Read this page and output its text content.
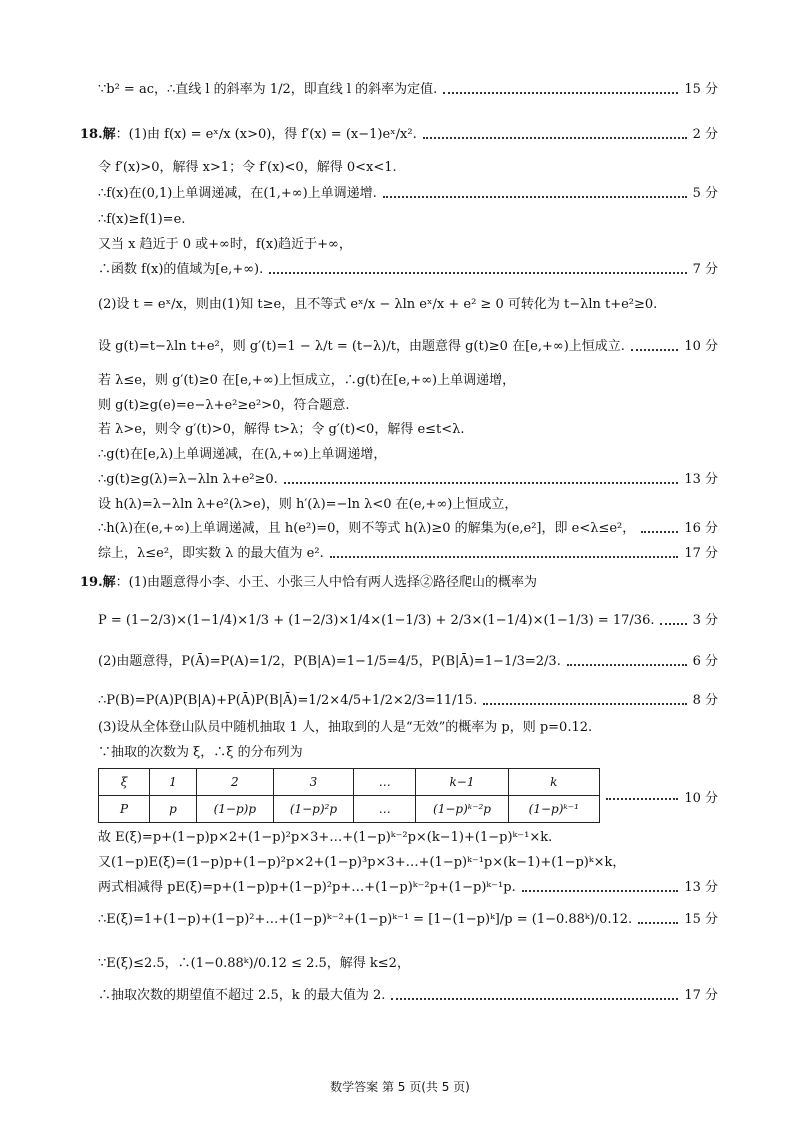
∵b² = ac，∴直线 l 的斜率为 1/2，即直线 l 的斜率为定值.	15 分
18.解：(1)由 f(x) = eˣ/x (x>0)，得 f′(x) = (x−1)eˣ/x².	2 分
令 f′(x)>0，解得 x>1；令 f′(x)<0，解得 0<x<1.
∴f(x)在(0,1)上单调递减，在(1,+∞)上单调递增.	5 分
∴f(x)≥f(1)=e.
又当 x 趋近于 0 或+∞时，f(x)趋近于+∞，
∴函数 f(x)的值域为[e,+∞).	7 分
(2)设 t = eˣ/x，则由(1)知 t≥e，且不等式 eˣ/x − λln eˣ/x + e² ≥ 0 可转化为 t−λln t+e²≥0.
设 g(t)=t−λln t+e²，则 g′(t)=1 − λ/t = (t−λ)/t，由题意得 g(t)≥0 在[e,+∞)上恒成立.	10 分
若 λ≤e，则 g′(t)≥0 在[e,+∞)上恒成立，∴g(t)在[e,+∞)上单调递增，
则 g(t)≥g(e)=e−λ+e²≥e²>0，符合题意.
若 λ>e，则令 g′(t)>0，解得 t>λ；令 g′(t)<0，解得 e≤t<λ.
∴g(t)在[e,λ)上单调递减，在(λ,+∞)上单调递增，
∴g(t)≥g(λ)=λ−λln λ+e²≥0.	13 分
设 h(λ)=λ−λln λ+e²(λ>e)，则 h′(λ)=−ln λ<0 在(e,+∞)上恒成立，
∴h(λ)在(e,+∞)上单调递减，且 h(e²)=0，则不等式 h(λ)≥0 的解集为(e,e²]，即 e<λ≤e²，	16 分
综上，λ≤e²，即实数 λ 的最大值为 e².	17 分
19.解：(1)由题意得小李、小王、小张三人中恰有两人选择②路径爬山的概率为
P = (1−2/3)×(1−1/4)×1/3 + (1−2/3)×1/4×(1−1/3) + 2/3×(1−1/4)×(1−1/3) = 17/36.	3 分
(2)由题意得，P(Ā)=P(A)=1/2，P(B|A)=1−1/5=4/5，P(B|Ā)=1−1/3=2/3.	6 分
∴P(B)=P(A)P(B|A)+P(Ā)P(B|Ā)=1/2×4/5+1/2×2/3=11/15.	8 分
(3)设从全体登山队员中随机抽取 1 人，抽取到的人是“无效”的概率为 p，则 p=0.12.
∵抽取的次数为 ξ，∴ξ 的分布列为
ξ	1	2	3	…	k−1	k
P	p	(1−p)p	(1−p)²p	…	(1−p)ᵏ⁻²p	(1−p)ᵏ⁻¹
10 分
故 E(ξ)=p+(1−p)p×2+(1−p)²p×3+…+(1−p)ᵏ⁻²p×(k−1)+(1−p)ᵏ⁻¹×k.
又(1−p)E(ξ)=(1−p)p+(1−p)²p×2+(1−p)³p×3+…+(1−p)ᵏ⁻¹p×(k−1)+(1−p)ᵏ×k，
两式相减得 pE(ξ)=p+(1−p)p+(1−p)²p+…+(1−p)ᵏ⁻²p+(1−p)ᵏ⁻¹p.	13 分
∴E(ξ)=1+(1−p)+(1−p)²+…+(1−p)ᵏ⁻²+(1−p)ᵏ⁻¹ = [1−(1−p)ᵏ]/p = (1−0.88ᵏ)/0.12.	15 分
∵E(ξ)≤2.5，∴(1−0.88ᵏ)/0.12 ≤ 2.5，解得 k≤2，
∴抽取次数的期望值不超过 2.5，k 的最大值为 2.	17 分
数学答案 第 5 页(共 5 页)
